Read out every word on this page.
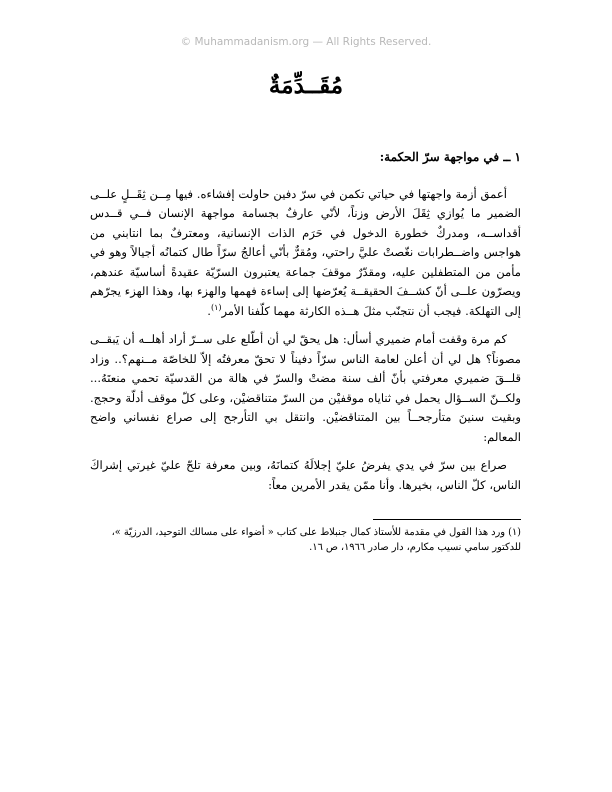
© Muhammadanism.org — All Rights Reserved.
مُقَــدِّمَةٌ
١ ــ في مواجهة سرّ الحكمة:

أعمق أزمة واجهتها في حياتي تكمن في سرّ دفين حاولت إفشاءه. فيها مِــن ثِقَــلٍ علــى الضمير ما يُوازي ثِقَلَ الأرض وزناً، لأنّي عارفٌ بجسامة مواجهة الإنسان فــي قــدس أقداســه، ومدركٌ خطورة الدخول في حَرَم الذات الإنسانية، ومعترفٌ بما انتابني من هواجس واضــطرابات نغّصتْ عليَّ راحتي، ومُقرٌّ بأنّي أعالجُ سرّاً طال كتمانُه أجيالاً وهو في مأمن من المتطفلين عليه، ومقدّرٌ موقفَ جماعة يعتبرون السرّيّة عقيدةً أساسيّة عندهم، ويصرّون علــى أنّ كشــفَ الحقيقــة يُعرّضها إلى إساءة فهمها والهزء بها، وهذا الهزء يجرّهم إلى التهلكة. فيجب أن نتجنّب مثلَ هــذه الكارثة مهما كلّفنا الأمر$^{(١)}$.

كم مرة وقفت أمام ضميري أسأل: هل يحقّ لي أن أطّلع على ســرّ أراد أهلــه أن يَبقــى مصوناً؟ هل لي أن أعلن لعامة الناس سرّاً دفيناً لا تحقّ معرفتُه إلاّ للخاصّة مــنهم؟.. وزاد قلــقَ ضميري معرفتي بأنّ ألف سنة مضتْ والسرّ في هالة من القدسيّة تحمي منعتَهُ... ولكــنّ الســؤال يحمل في ثناياه موقفيْن من السرّ متناقضيْن، وعلى كلّ موقف أدلّة وحجج. وبقيت سنينَ متأرجحــاً بين المتناقضيْن. وانتقل بي التأرجح إلى صراع نفساني واضح المعالم:

صراع بين سرّ في يدي يفرضُ عليّ إجلالَهُ كتمانَهُ، وبين معرفة تلحّ عليّ غيرتي إشراكَ الناس، كلّ الناس، بخيرها. وأنا ممّن يقدر الأمرين معاً:

(١) ورد هذا القول في مقدمة للأستاذ كمال جنبلاط على كتاب « أضواء على مسالك التوحيد، الدرزيّة »، للدكتور سامي نسيب مكارم، دار صادر ١٩٦٦، ص ١٦.
